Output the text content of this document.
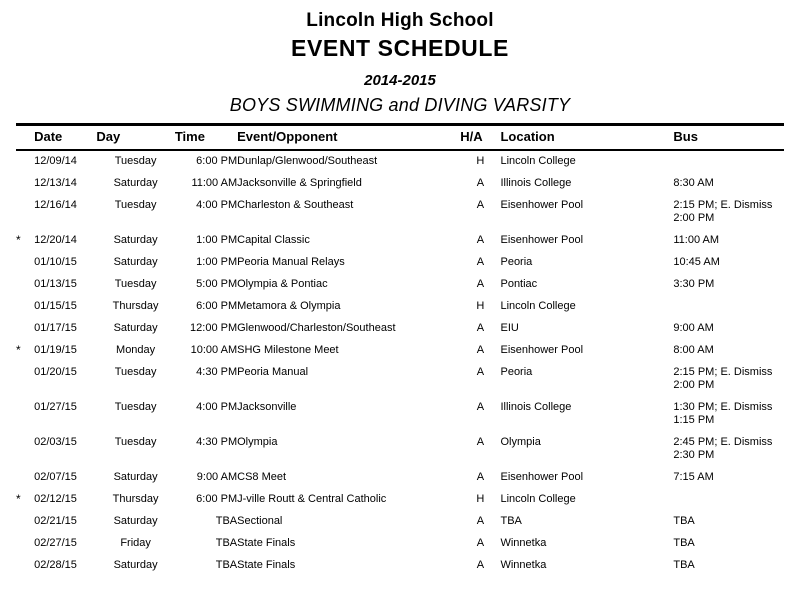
Lincoln High School
EVENT SCHEDULE
2014-2015
BOYS SWIMMING and DIVING VARSITY
	Date	Day	Time	Event/Opponent	H/A	Location	Bus
	12/09/14	Tuesday	6:00 PM	Dunlap/Glenwood/Southeast	H	Lincoln College	
	12/13/14	Saturday	11:00 AM	Jacksonville & Springfield	A	Illinois College	8:30 AM
	12/16/14	Tuesday	4:00 PM	Charleston & Southeast	A	Eisenhower Pool	2:15 PM; E. Dismiss 2:00 PM
*	12/20/14	Saturday	1:00 PM	Capital Classic	A	Eisenhower Pool	11:00 AM
	01/10/15	Saturday	1:00 PM	Peoria Manual Relays	A	Peoria	10:45 AM
	01/13/15	Tuesday	5:00 PM	Olympia & Pontiac	A	Pontiac	3:30 PM
	01/15/15	Thursday	6:00 PM	Metamora & Olympia	H	Lincoln College	
	01/17/15	Saturday	12:00 PM	Glenwood/Charleston/Southeast	A	EIU	9:00 AM
*	01/19/15	Monday	10:00 AM	SHG Milestone Meet	A	Eisenhower Pool	8:00 AM
	01/20/15	Tuesday	4:30 PM	Peoria Manual	A	Peoria	2:15 PM; E. Dismiss 2:00 PM
	01/27/15	Tuesday	4:00 PM	Jacksonville	A	Illinois College	1:30 PM; E. Dismiss 1:15 PM
	02/03/15	Tuesday	4:30 PM	Olympia	A	Olympia	2:45 PM; E. Dismiss 2:30 PM
	02/07/15	Saturday	9:00 AM	CS8 Meet	A	Eisenhower Pool	7:15 AM
*	02/12/15	Thursday	6:00 PM	J-ville Routt & Central Catholic	H	Lincoln College	
	02/21/15	Saturday	TBA	Sectional	A	TBA	TBA
	02/27/15	Friday	TBA	State Finals	A	Winnetka	TBA
	02/28/15	Saturday	TBA	State Finals	A	Winnetka	TBA
